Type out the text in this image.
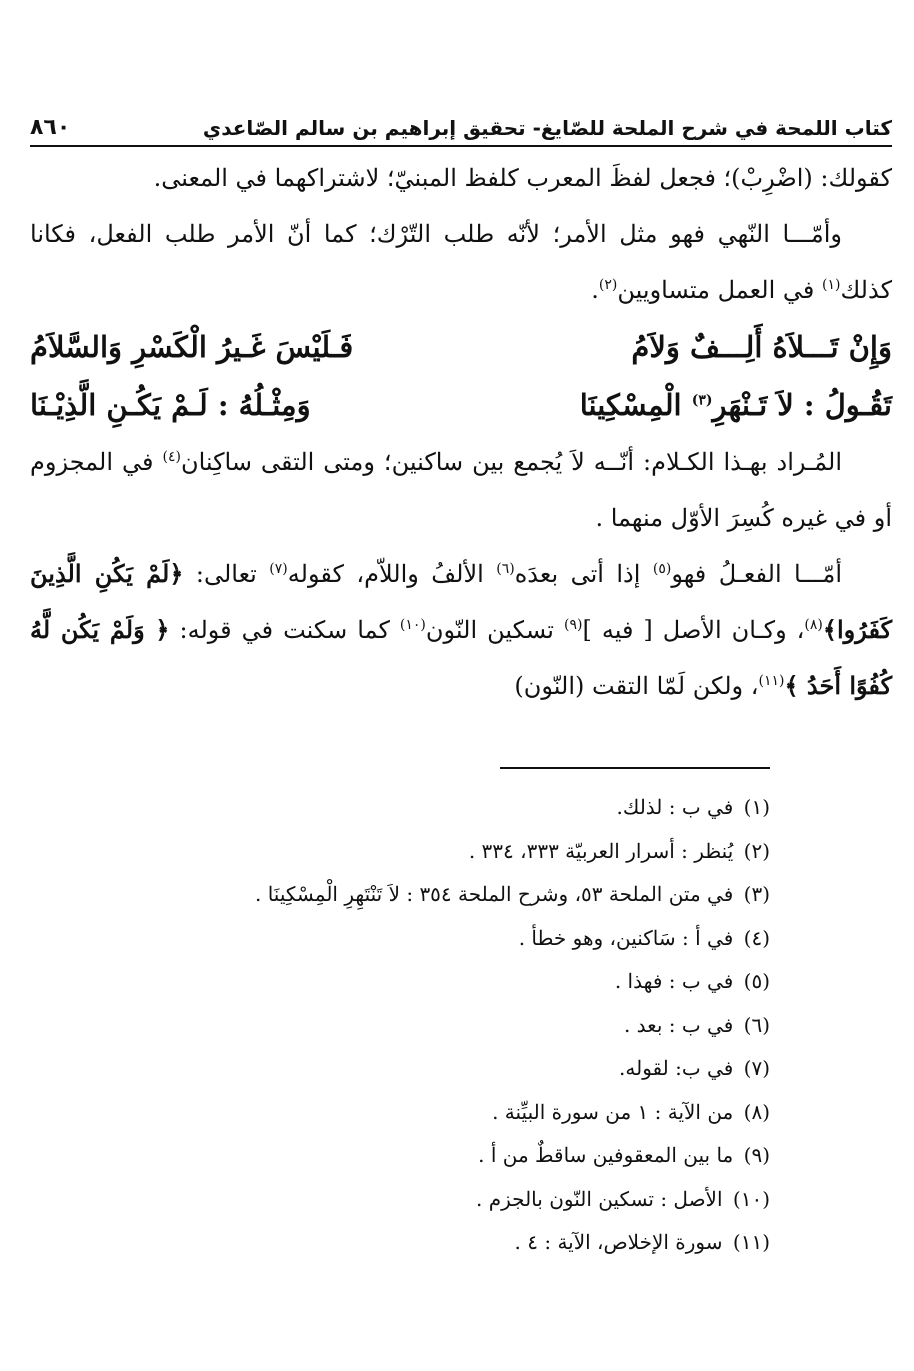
كتاب اللمحة في شرح الملحة للصّايغ- تحقيق إبراهيم بن سالم الصّاعدي
٨٦٠

كقولك: (اضْرِبْ)؛ فجعل لفظَ المعرب كلفظ المبنيّ؛ لاشتراكهما في المعنى.

وأمّـــا النّهي فهو مثل الأمر؛ لأنّه طلب التّرْك؛ كما أنّ الأمر طلب الفعل، فكانا كذلك$^{(١)}$ في العمل متساويين$^{(٢)}$.

وَإِنْ تَـــلاَهُ أَلِـــفٌ وَلاَمُ
فَـلَيْسَ غَـيرُ الْكَسْرِ وَالسَّلاَمُ
تَقُـولُ : لاَ تَـنْهَرِ$^{(٣)}$ الْمِسْكِينَا
وَمِثْـلُهُ : لَـمْ يَكُـنِ الَّذِيْـنَا

المُـراد بهـذا الكـلام: أنّــه لاَ يُجمع بين ساكنين؛ ومتى التقى ساكِنان$^{(٤)}$ في المجزوم أو في غيره كُسِرَ الأوّل منهما .

أمّـــا الفعـلُ فهو$^{(٥)}$ إذا أتى بعدَه$^{(٦)}$ الألفُ واللاّم، كقوله$^{(٧)}$ تعالى: ﴿لَمْ يَكُنِ الَّذِينَ كَفَرُوا﴾$^{(٨)}$، وكـان الأصل [ فيه ]$^{(٩)}$ تسكين النّون$^{(١٠)}$ كما سكنت في قوله: ﴿ وَلَمْ يَكُن لَّهُ كُفُوًا أَحَدُ ﴾$^{(١١)}$، ولكن لَمّا التقت (النّون)

(١) في ب : لذلك.
(٢) يُنظر : أسرار العربيّة ٣٣٣، ٣٣٤ .
(٣) في متن الملحة ٥٣، وشرح الملحة ٣٥٤ : لاَ تَنْتَهِرِ الْمِسْكِينَا .
(٤) في أ : سَاكنين، وهو خطأ .
(٥) في ب : فهذا .
(٦) في ب : بعد .
(٧) في ب: لقوله.
(٨) من الآية : ١ من سورة البيِّنة .
(٩) ما بين المعقوفين ساقطٌ من أ .
(١٠) الأصل : تسكين النّون بالجزم .
(١١) سورة الإخلاص، الآية : ٤ .
